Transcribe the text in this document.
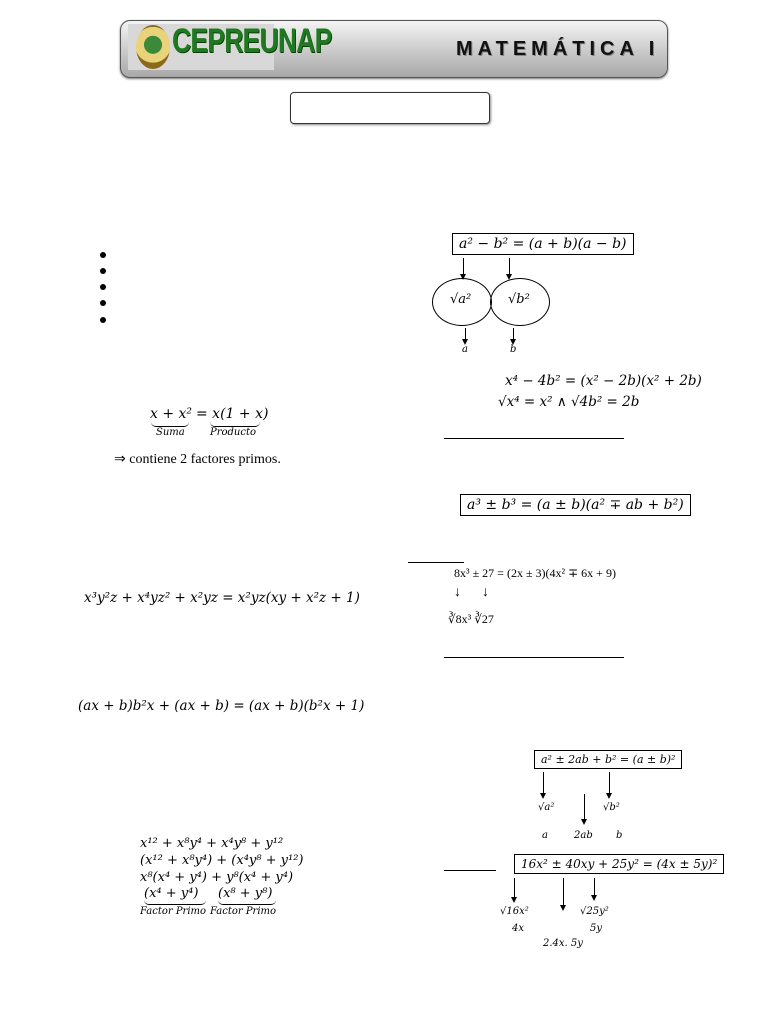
CEPREUNAP	MATEMÁTICA I
x + x² = x(1 + x)
Suma	Producto
⇒ contiene 2 factores primos.
x³y²z + x⁴yz² + x²yz = x²yz(xy + x²z + 1)
(ax + b)b²x + (ax + b) = (ax + b)(b²x + 1)
x¹² + x⁸y⁴ + x⁴y⁸ + y¹²
(x¹² + x⁸y⁴) + (x⁴y⁸ + y¹²)
x⁸(x⁴ + y⁴) + y⁸(x⁴ + y⁴)
(x⁴ + y⁴) (x⁸ + y⁸)
Factor Primo Factor Primo
a² − b² = (a + b)(a − b)
√a²	√b²
a	b
x⁴ − 4b² = (x² − 2b)(x² + 2b)
√x⁴ = x² ∧ √4b² = 2b
a³ ± b³ = (a ± b)(a² ∓ ab + b²)
8x³ ± 27 = (2x ± 3)(4x² ∓ 6x + 9)
↓ ↓
∛8x³ ∛27
a² ± 2ab + b² = (a ± b)²
√a²	√b²
a	2ab b
16x² ± 40xy + 25y² = (4x ± 5y)²
√16x²	√25y²
4x	5y
2.4x. 5y
